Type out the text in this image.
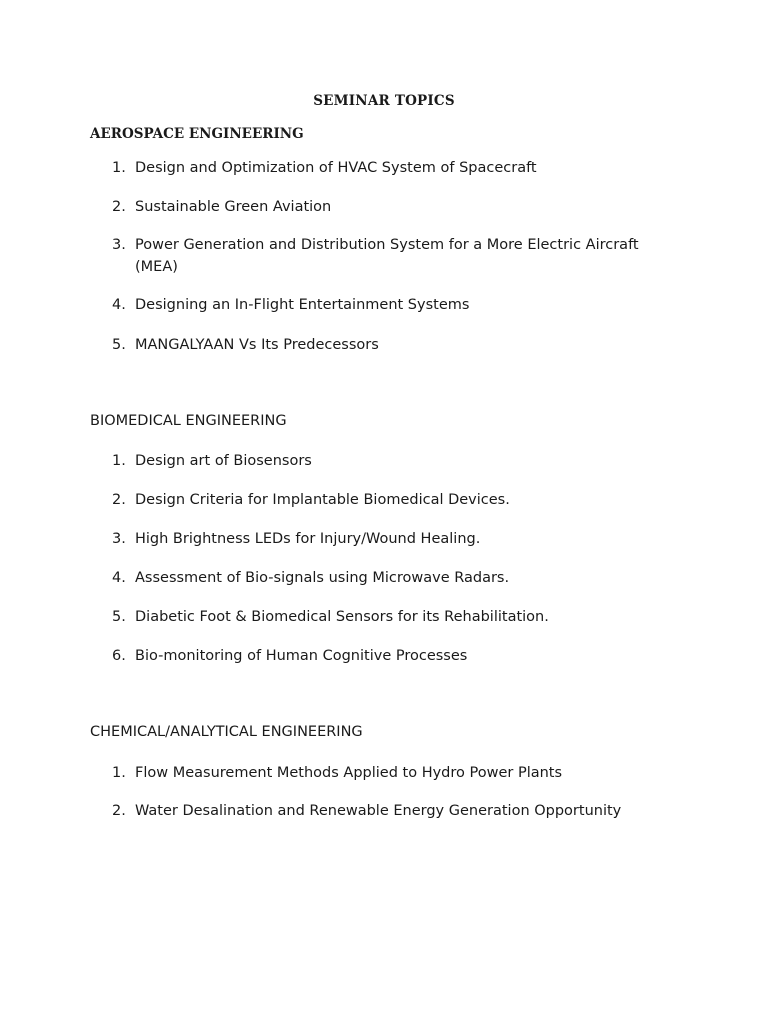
SEMINAR TOPICS
AEROSPACE ENGINEERING
1. Design and Optimization of HVAC System of Spacecraft
2. Sustainable Green Aviation
3. Power Generation and Distribution System for a More Electric Aircraft (MEA)
4. Designing an In-Flight Entertainment Systems
5. MANGALYAAN Vs Its Predecessors
BIOMEDICAL ENGINEERING
1. Design art of Biosensors
2. Design Criteria for Implantable Biomedical Devices.
3. High Brightness LEDs for Injury/Wound Healing.
4. Assessment of Bio-signals using Microwave Radars.
5. Diabetic Foot & Biomedical Sensors for its Rehabilitation.
6. Bio-monitoring of Human Cognitive Processes
CHEMICAL/ANALYTICAL ENGINEERING
1. Flow Measurement Methods Applied to Hydro Power Plants
2. Water Desalination and Renewable Energy Generation Opportunity
